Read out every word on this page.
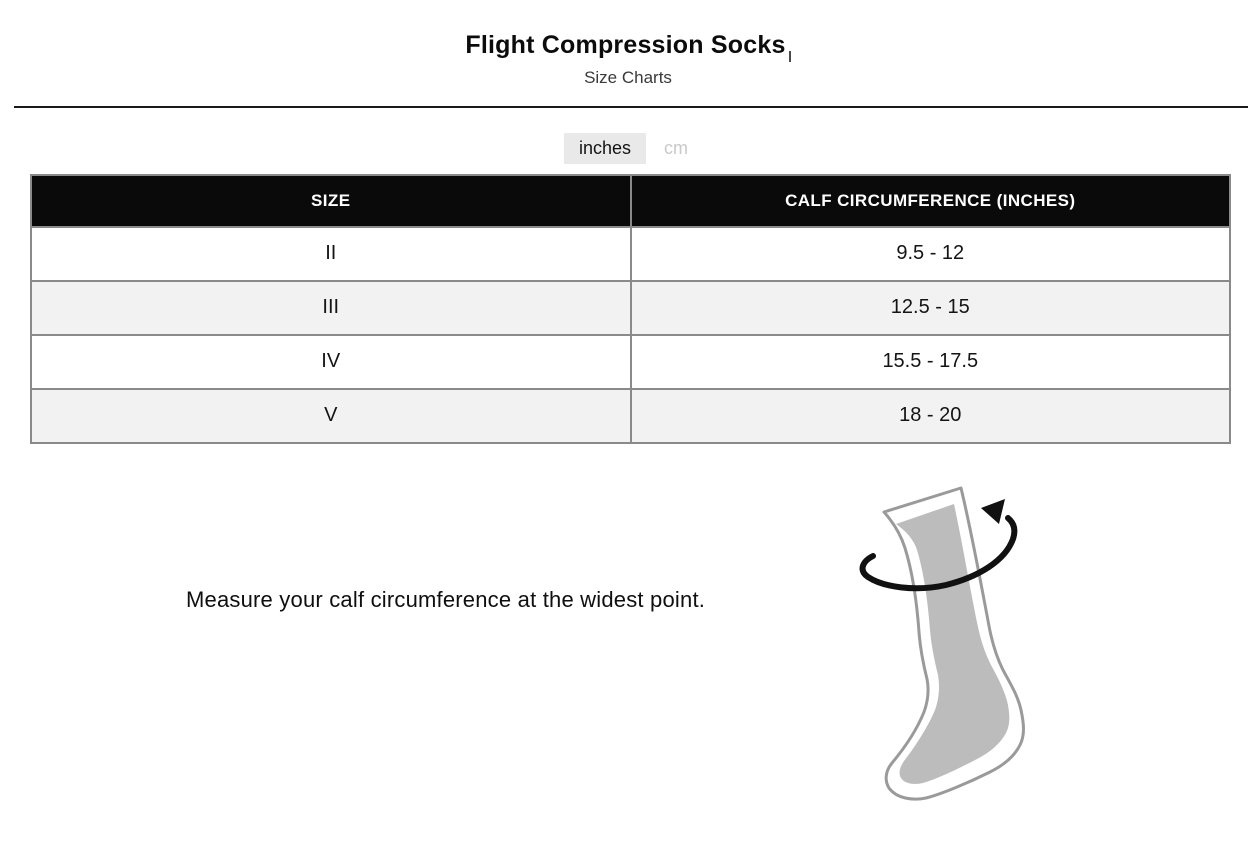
Flight Compression Socks
Size Charts
inches	cm
SIZE	CALF CIRCUMFERENCE (INCHES)
II	9.5 - 12
III	12.5 - 15
IV	15.5 - 17.5
V	18 - 20

Measure your calf circumference at the widest point.
